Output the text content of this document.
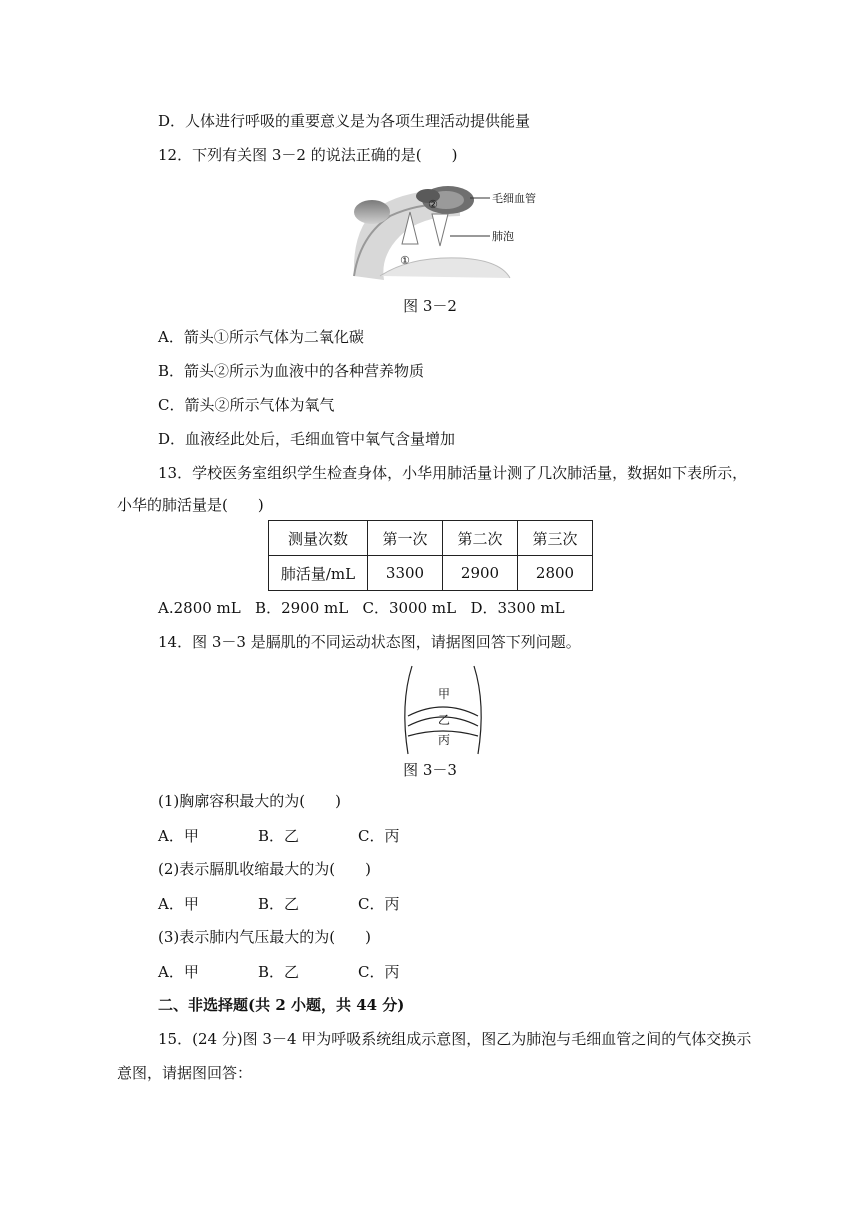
D．人体进行呼吸的重要意义是为各项生理活动提供能量
12．下列有关图 3－2 的说法正确的是(　　)
②
①
毛细血管
肺泡
图 3－2
A．箭头①所示气体为二氧化碳
B．箭头②所示为血液中的各种营养物质
C．箭头②所示气体为氧气
D．血液经此处后，毛细血管中氧气含量增加
13．学校医务室组织学生检查身体，小华用肺活量计测了几次肺活量，数据如下表所示，
小华的肺活量是(　　)
测量次数	第一次	第二次	第三次
肺活量/mL	3300	2900	2800
A.2800 mL B．2900 mL C．3000 mL D．3300 mL
14．图 3－3 是膈肌的不同运动状态图，请据图回答下列问题。
甲
乙
丙
图 3－3
(1)胸廓容积最大的为(　　)
A．甲	B．乙	C．丙
(2)表示膈肌收缩最大的为(　　)
A．甲	B．乙	C．丙
(3)表示肺内气压最大的为(　　)
A．甲	B．乙	C．丙
二、非选择题(共 2 小题，共 44 分)
15．(24 分)图 3－4 甲为呼吸系统组成示意图，图乙为肺泡与毛细血管之间的气体交换示
意图，请据图回答：
